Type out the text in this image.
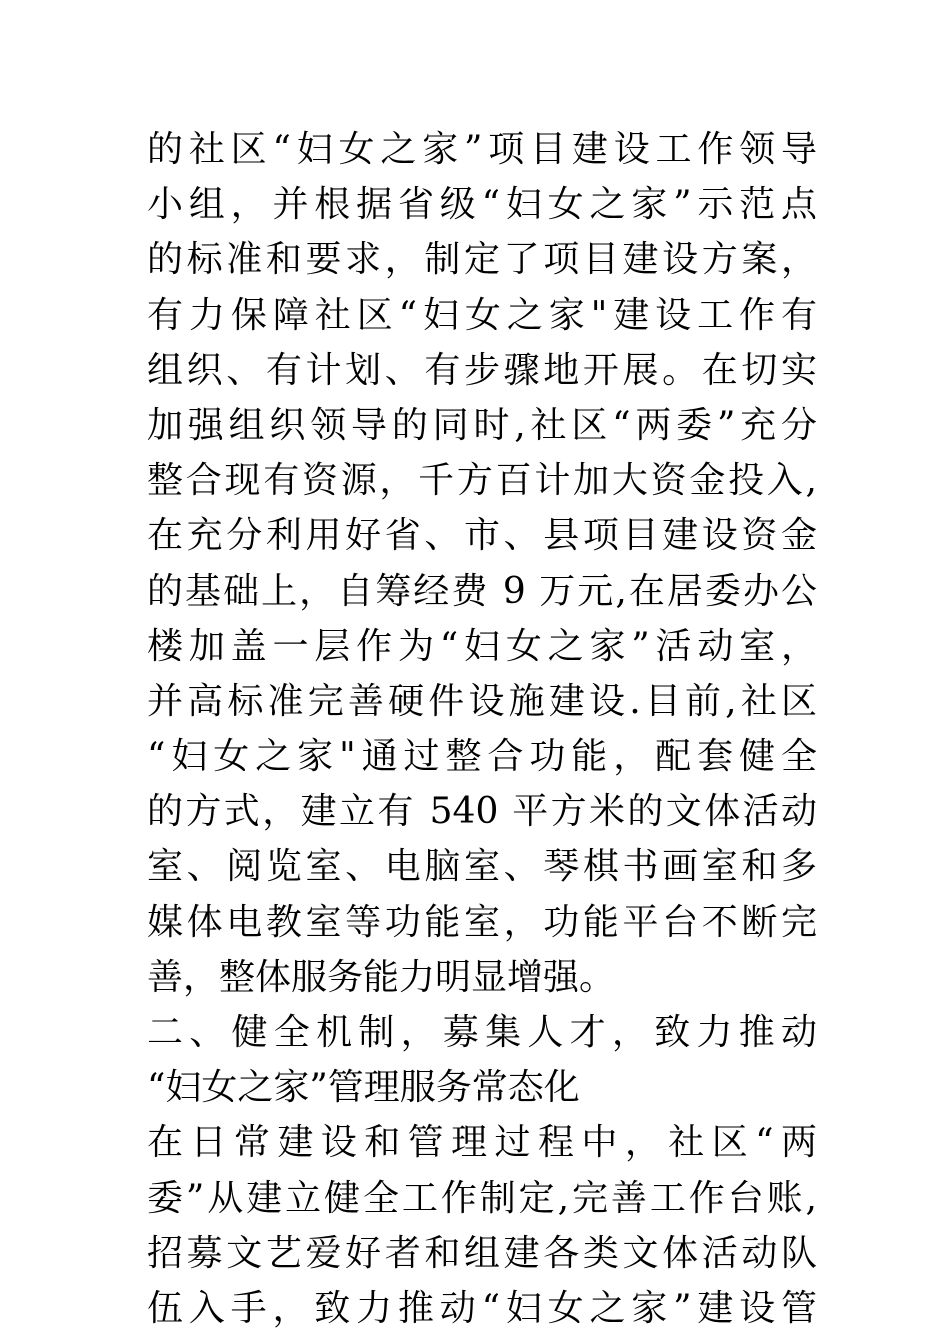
的社区“妇女之家”项目建设工作领导
小组，并根据省级“妇女之家”示范点
的标准和要求，制定了项目建设方案，
有力保障社区“妇女之家"建设工作有
组织、有计划、有步骤地开展。在切实
加强组织领导的同时,社区“两委”充分
整合现有资源，千方百计加大资金投入,
在充分利用好省、市、县项目建设资金
的基础上，自筹经费 9 万元,在居委办公
楼加盖一层作为“妇女之家”活动室，
并高标准完善硬件设施建设.目前,社区
“妇女之家"通过整合功能，配套健全
的方式，建立有 540 平方米的文体活动
室、阅览室、电脑室、琴棋书画室和多
媒体电教室等功能室，功能平台不断完
善，整体服务能力明显增强。
二、健全机制，募集人才，致力推动
“妇女之家”管理服务常态化
在日常建设和管理过程中，社区“两
委”从建立健全工作制定,完善工作台账,
招募文艺爱好者和组建各类文体活动队
伍入手，致力推动“妇女之家”建设管
